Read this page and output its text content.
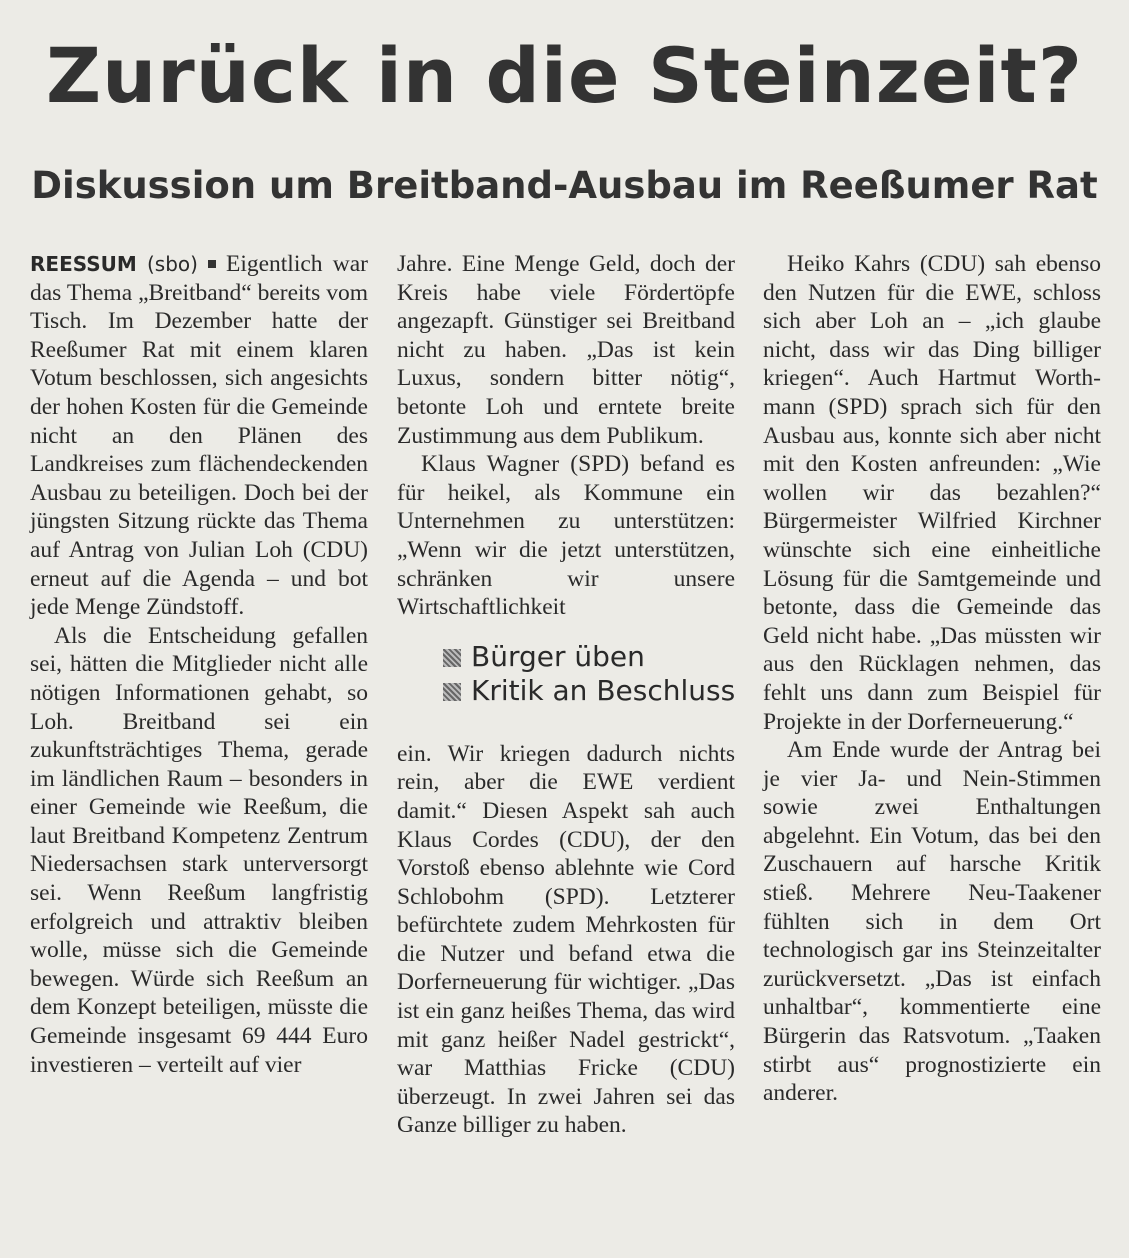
Zurück in die Steinzeit?
Diskussion um Breitband-Ausbau im Reeßumer Rat

REESSUM (sbo) Eigentlich war das Thema „Breitband“ bereits vom Tisch. Im Dezember hatte der Reeßumer Rat mit einem klaren Votum beschlossen, sich angesichts der hohen Kosten für die Gemeinde nicht an den Plänen des Landkreises zum flächendeckenden Ausbau zu beteiligen. Doch bei der jüngsten Sitzung rückte das Thema auf Antrag von Julian Loh (CDU) erneut auf die Agenda – und bot jede Menge Zündstoff.

Als die Entscheidung gefallen sei, hätten die Mitglieder nicht alle nötigen Informationen gehabt, so Loh. Breitband sei ein zukunftsträchtiges Thema, gerade im ländlichen Raum – besonders in einer Gemeinde wie Reeßum, die laut Breitband Kompetenz Zentrum Niedersachsen stark unterversorgt sei. Wenn Reeßum langfristig erfolgreich und attraktiv bleiben wolle, müsse sich die Gemeinde bewegen. Würde sich Reeßum an dem Konzept beteiligen, müsste die Gemeinde insgesamt 69 444 Euro investieren – verteilt auf vier

Jahre. Eine Menge Geld, doch der Kreis habe viele Fördertöpfe angezapft. Günstiger sei Breitband nicht zu haben. „Das ist kein Luxus, sondern bitter nötig“, betonte Loh und erntete breite Zustimmung aus dem Publikum.

Klaus Wagner (SPD) befand es für heikel, als Kommune ein Unternehmen zu unterstützen: „Wenn wir die jetzt unterstützen, schränken wir unsere Wirtschaftlichkeit

Bürger üben
Kritik an Beschluss

ein. Wir kriegen dadurch nichts rein, aber die EWE verdient damit.“ Diesen Aspekt sah auch Klaus Cordes (CDU), der den Vorstoß ebenso ablehnte wie Cord Schlobohm (SPD). Letzterer befürchtete zudem Mehrkosten für die Nutzer und befand etwa die Dorferneuerung für wichtiger. „Das ist ein ganz heißes Thema, das wird mit ganz heißer Nadel gestrickt“, war Matthias Fricke (CDU) überzeugt. In zwei Jahren sei das Ganze billiger zu haben.

Heiko Kahrs (CDU) sah ebenso den Nutzen für die EWE, schloss sich aber Loh an – „ich glaube nicht, dass wir das Ding billiger kriegen“. Auch Hartmut Worthmann (SPD) sprach sich für den Ausbau aus, konnte sich aber nicht mit den Kosten anfreunden: „Wie wollen wir das bezahlen?“ Bürgermeister Wilfried Kirchner wünschte sich eine einheitliche Lösung für die Samtgemeinde und betonte, dass die Gemeinde das Geld nicht habe. „Das müssten wir aus den Rücklagen nehmen, das fehlt uns dann zum Beispiel für Projekte in der Dorferneuerung.“

Am Ende wurde der Antrag bei je vier Ja- und Nein-Stimmen sowie zwei Enthaltungen abgelehnt. Ein Votum, das bei den Zuschauern auf harsche Kritik stieß. Mehrere Neu-Taakener fühlten sich in dem Ort technologisch gar ins Steinzeitalter zurückversetzt. „Das ist einfach unhaltbar“, kommentierte eine Bürgerin das Ratsvotum. „Taaken stirbt aus“ prognostizierte ein anderer.
